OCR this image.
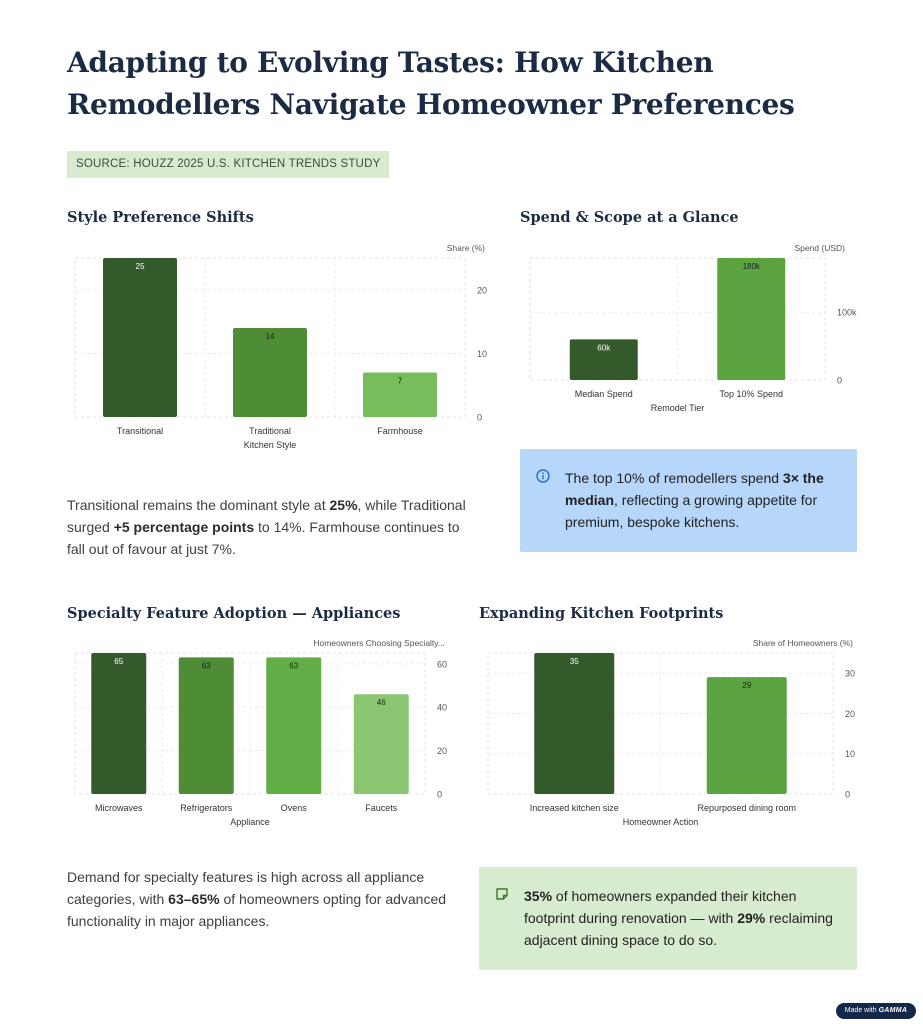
Adapting to Evolving Tastes: How Kitchen Remodellers Navigate Homeowner Preferences
SOURCE: HOUZZ 2025 U.S. KITCHEN TRENDS STUDY
Style Preference Shifts
0
10
20
Share (%)
25
Transitional
14
Traditional
7
Farmhouse
Kitchen Style
Transitional remains the dominant style at 25%, while Traditional surged +5 percentage points to 14%. Farmhouse continues to fall out of favour at just 7%.
Spend & Scope at a Glance
0
100k
Spend (USD)
60k
Median Spend
180k
Top 10% Spend
Remodel Tier
The top 10% of remodellers spend 3× the median, reflecting a growing appetite for premium, bespoke kitchens.
Specialty Feature Adoption — Appliances
0
20
40
60
Homeowners Choosing Specialty...
65
Microwaves
63
Refrigerators
63
Ovens
46
Faucets
Appliance
Demand for specialty features is high across all appliance categories, with 63–65% of homeowners opting for advanced functionality in major appliances.
Expanding Kitchen Footprints
0
10
20
30
Share of Homeowners (%)
35
Increased kitchen size
29
Repurposed dining room
Homeowner Action
35% of homeowners expanded their kitchen footprint during renovation — with 29% reclaiming adjacent dining space to do so.
Made with GAMMA
